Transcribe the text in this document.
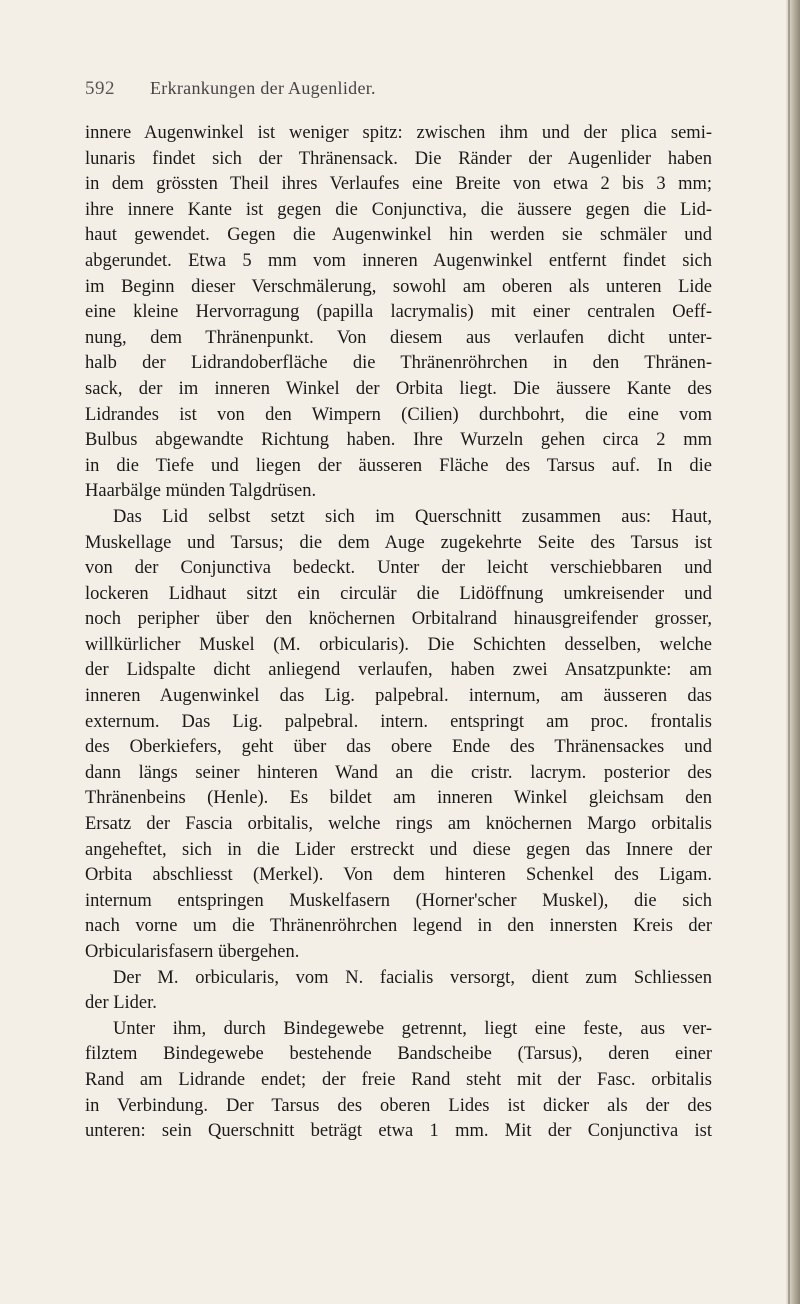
592 Erkrankungen der Augenlider.
innere Augenwinkel ist weniger spitz: zwischen ihm und der plica semi-
lunaris findet sich der Thränensack. Die Ränder der Augenlider haben
in dem grössten Theil ihres Verlaufes eine Breite von etwa 2 bis 3 mm;
ihre innere Kante ist gegen die Conjunctiva, die äussere gegen die Lid-
haut gewendet. Gegen die Augenwinkel hin werden sie schmäler und
abgerundet. Etwa 5 mm vom inneren Augenwinkel entfernt findet sich
im Beginn dieser Verschmälerung, sowohl am oberen als unteren Lide
eine kleine Hervorragung (papilla lacrymalis) mit einer centralen Oeff-
nung, dem Thränenpunkt. Von diesem aus verlaufen dicht unter-
halb der Lidrandoberfläche die Thränenröhrchen in den Thränen-
sack, der im inneren Winkel der Orbita liegt. Die äussere Kante des
Lidrandes ist von den Wimpern (Cilien) durchbohrt, die eine vom
Bulbus abgewandte Richtung haben. Ihre Wurzeln gehen circa 2 mm
in die Tiefe und liegen der äusseren Fläche des Tarsus auf. In die
Haarbälge münden Talgdrüsen.
Das Lid selbst setzt sich im Querschnitt zusammen aus: Haut,
Muskellage und Tarsus; die dem Auge zugekehrte Seite des Tarsus ist
von der Conjunctiva bedeckt. Unter der leicht verschiebbaren und
lockeren Lidhaut sitzt ein circulär die Lidöffnung umkreisender und
noch peripher über den knöchernen Orbitalrand hinausgreifender grosser,
willkürlicher Muskel (M. orbicularis). Die Schichten desselben, welche
der Lidspalte dicht anliegend verlaufen, haben zwei Ansatzpunkte: am
inneren Augenwinkel das Lig. palpebral. internum, am äusseren das
externum. Das Lig. palpebral. intern. entspringt am proc. frontalis
des Oberkiefers, geht über das obere Ende des Thränensackes und
dann längs seiner hinteren Wand an die cristr. lacrym. posterior des
Thränenbeins (Henle). Es bildet am inneren Winkel gleichsam den
Ersatz der Fascia orbitalis, welche rings am knöchernen Margo orbitalis
angeheftet, sich in die Lider erstreckt und diese gegen das Innere der
Orbita abschliesst (Merkel). Von dem hinteren Schenkel des Ligam.
internum entspringen Muskelfasern (Horner'scher Muskel), die sich
nach vorne um die Thränenröhrchen legend in den innersten Kreis der
Orbicularisfasern übergehen.
Der M. orbicularis, vom N. facialis versorgt, dient zum Schliessen
der Lider.
Unter ihm, durch Bindegewebe getrennt, liegt eine feste, aus ver-
filztem Bindegewebe bestehende Bandscheibe (Tarsus), deren einer
Rand am Lidrande endet; der freie Rand steht mit der Fasc. orbitalis
in Verbindung. Der Tarsus des oberen Lides ist dicker als der des
unteren: sein Querschnitt beträgt etwa 1 mm. Mit der Conjunctiva ist
